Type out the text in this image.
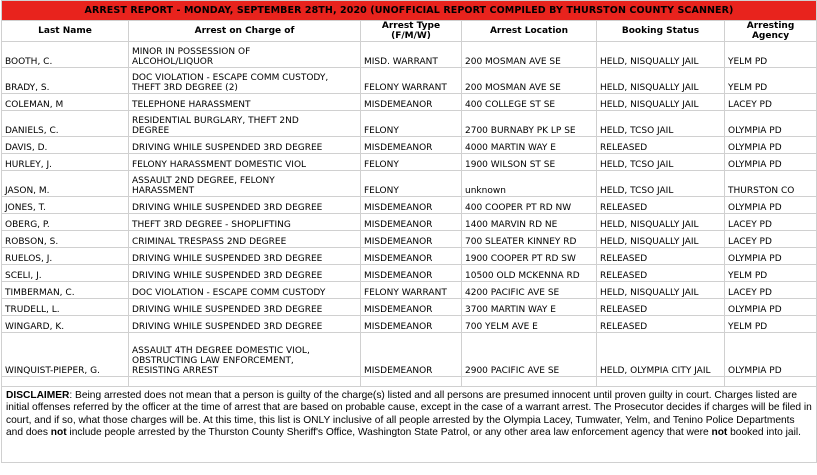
ARREST REPORT - MONDAY, SEPTEMBER 28TH, 2020 (UNOFFICIAL REPORT COMPILED BY THURSTON COUNTY SCANNER)					
Last Name	Arrest on Charge of	Arrest Type (F/M/W)	Arrest Location	Booking Status	Arresting Agency
BOOTH, C.	MINOR IN POSSESSION OF
ALCOHOL/LIQUOR	MISD. WARRANT	200 MOSMAN AVE SE	HELD, NISQUALLY JAIL	YELM PD
BRADY, S.	DOC VIOLATION - ESCAPE COMM CUSTODY,
THEFT 3RD DEGREE (2)	FELONY WARRANT	200 MOSMAN AVE SE	HELD, NISQUALLY JAIL	YELM PD
COLEMAN, M	TELEPHONE HARASSMENT	MISDEMEANOR	400 COLLEGE ST SE	HELD, NISQUALLY JAIL	LACEY PD
DANIELS, C.	RESIDENTIAL BURGLARY, THEFT 2ND
DEGREE	FELONY	2700 BURNABY PK LP SE	HELD, TCSO JAIL	OLYMPIA PD
DAVIS, D.	DRIVING WHILE SUSPENDED 3RD DEGREE	MISDEMEANOR	4000 MARTIN WAY E	RELEASED	OLYMPIA PD
HURLEY, J.	FELONY HARASSMENT DOMESTIC VIOL	FELONY	1900 WILSON ST SE	HELD, TCSO JAIL	OLYMPIA PD
JASON, M.	ASSAULT 2ND DEGREE, FELONY
HARASSMENT	FELONY	unknown	HELD, TCSO JAIL	THURSTON CO
JONES, T.	DRIVING WHILE SUSPENDED 3RD DEGREE	MISDEMEANOR	400 COOPER PT RD NW	RELEASED	OLYMPIA PD
OBERG, P.	THEFT 3RD DEGREE - SHOPLIFTING	MISDEMEANOR	1400 MARVIN RD NE	HELD, NISQUALLY JAIL	LACEY PD
ROBSON, S.	CRIMINAL TRESPASS 2ND DEGREE	MISDEMEANOR	700 SLEATER KINNEY RD	HELD, NISQUALLY JAIL	LACEY PD
RUELOS, J.	DRIVING WHILE SUSPENDED 3RD DEGREE	MISDEMEANOR	1900 COOPER PT RD SW	RELEASED	OLYMPIA PD
SCELI, J.	DRIVING WHILE SUSPENDED 3RD DEGREE	MISDEMEANOR	10500 OLD MCKENNA RD	RELEASED	YELM PD
TIMBERMAN, C.	DOC VIOLATION - ESCAPE COMM CUSTODY	FELONY WARRANT	4200 PACIFIC AVE SE	HELD, NISQUALLY JAIL	LACEY PD
TRUDELL, L.	DRIVING WHILE SUSPENDED 3RD DEGREE	MISDEMEANOR	3700 MARTIN WAY E	RELEASED	OLYMPIA PD
WINGARD, K.	DRIVING WHILE SUSPENDED 3RD DEGREE	MISDEMEANOR	700 YELM AVE E	RELEASED	YELM PD
WINQUIST-PIEPER, G.	ASSAULT 4TH DEGREE DOMESTIC VIOL,
OBSTRUCTING LAW ENFORCEMENT,
RESISTING ARREST	MISDEMEANOR	2900 PACIFIC AVE SE	HELD, OLYMPIA CITY JAIL	OLYMPIA PD

DISCLAIMER: Being arrested does not mean that a person is guilty of the charge(s) listed and all persons are presumed innocent until proven guilty in court. Charges listed are initial offenses referred by the officer at the time of arrest that are based on probable cause, except in the case of a warrant arrest. The Prosecutor decides if charges will be filed in court, and if so, what those charges will be. At this time, this list is ONLY inclusive of all people arrested by the Olympia Lacey, Tumwater, Yelm, and Tenino Police Departments and does not include people arrested by the Thurston County Sheriff's Office, Washington State Patrol, or any other area law enforcement agency that were not booked into jail.					
